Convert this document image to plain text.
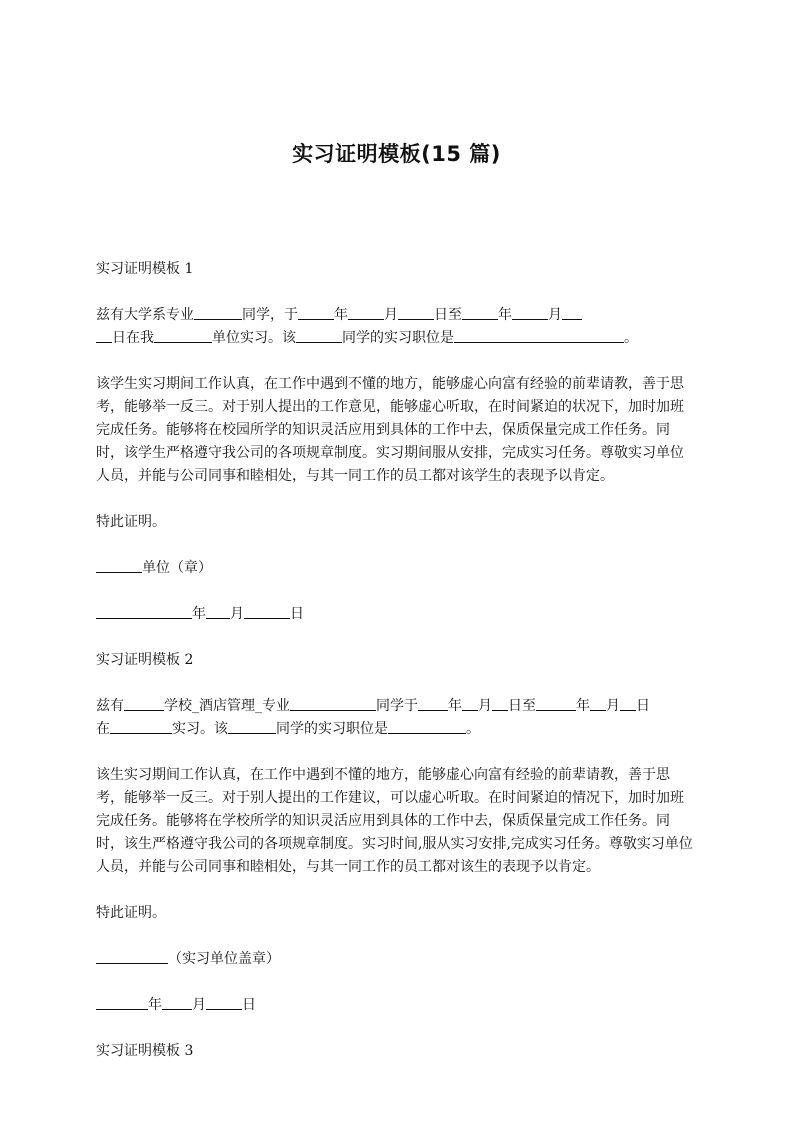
实习证明模板(15 篇)

实习证明模板 1

兹有大学系专业	同学，于	年	月	日至	年	月
日在我	单位实习。该	同学的实习职位是	。

该学生实习期间工作认真，在工作中遇到不懂的地方，能够虚心向富有经验的前辈请教，善于思考，能够举一反三。对于别人提出的工作意见，能够虚心听取，在时间紧迫的状况下，加时加班完成任务。能够将在校园所学的知识灵活应用到具体的工作中去，保质保量完成工作任务。同时，该学生严格遵守我公司的各项规章制度。实习期间服从安排，完成实习任务。尊敬实习单位人员，并能与公司同事和睦相处，与其一同工作的员工都对该学生的表现予以肯定。

特此证明。

单位（章）

年 月	日

实习证明模板 2

兹有	学校_酒店管理_专业	同学于 年 月 日至	年 月 日
在	实习。该	同学的实习职位是	。

该生实习期间工作认真，在工作中遇到不懂的地方，能够虚心向富有经验的前辈请教，善于思考，能够举一反三。对于别人提出的工作建议，可以虚心听取。在时间紧迫的情况下，加时加班完成任务。能够将在学校所学的知识灵活应用到具体的工作中去，保质保量完成工作任务。同时，该生严格遵守我公司的各项规章制度。实习时间,服从实习安排,完成实习任务。尊敬实习单位人员，并能与公司同事和睦相处，与其一同工作的员工都对该生的表现予以肯定。

特此证明。

（实习单位盖章）

年 月	日

实习证明模板 3
